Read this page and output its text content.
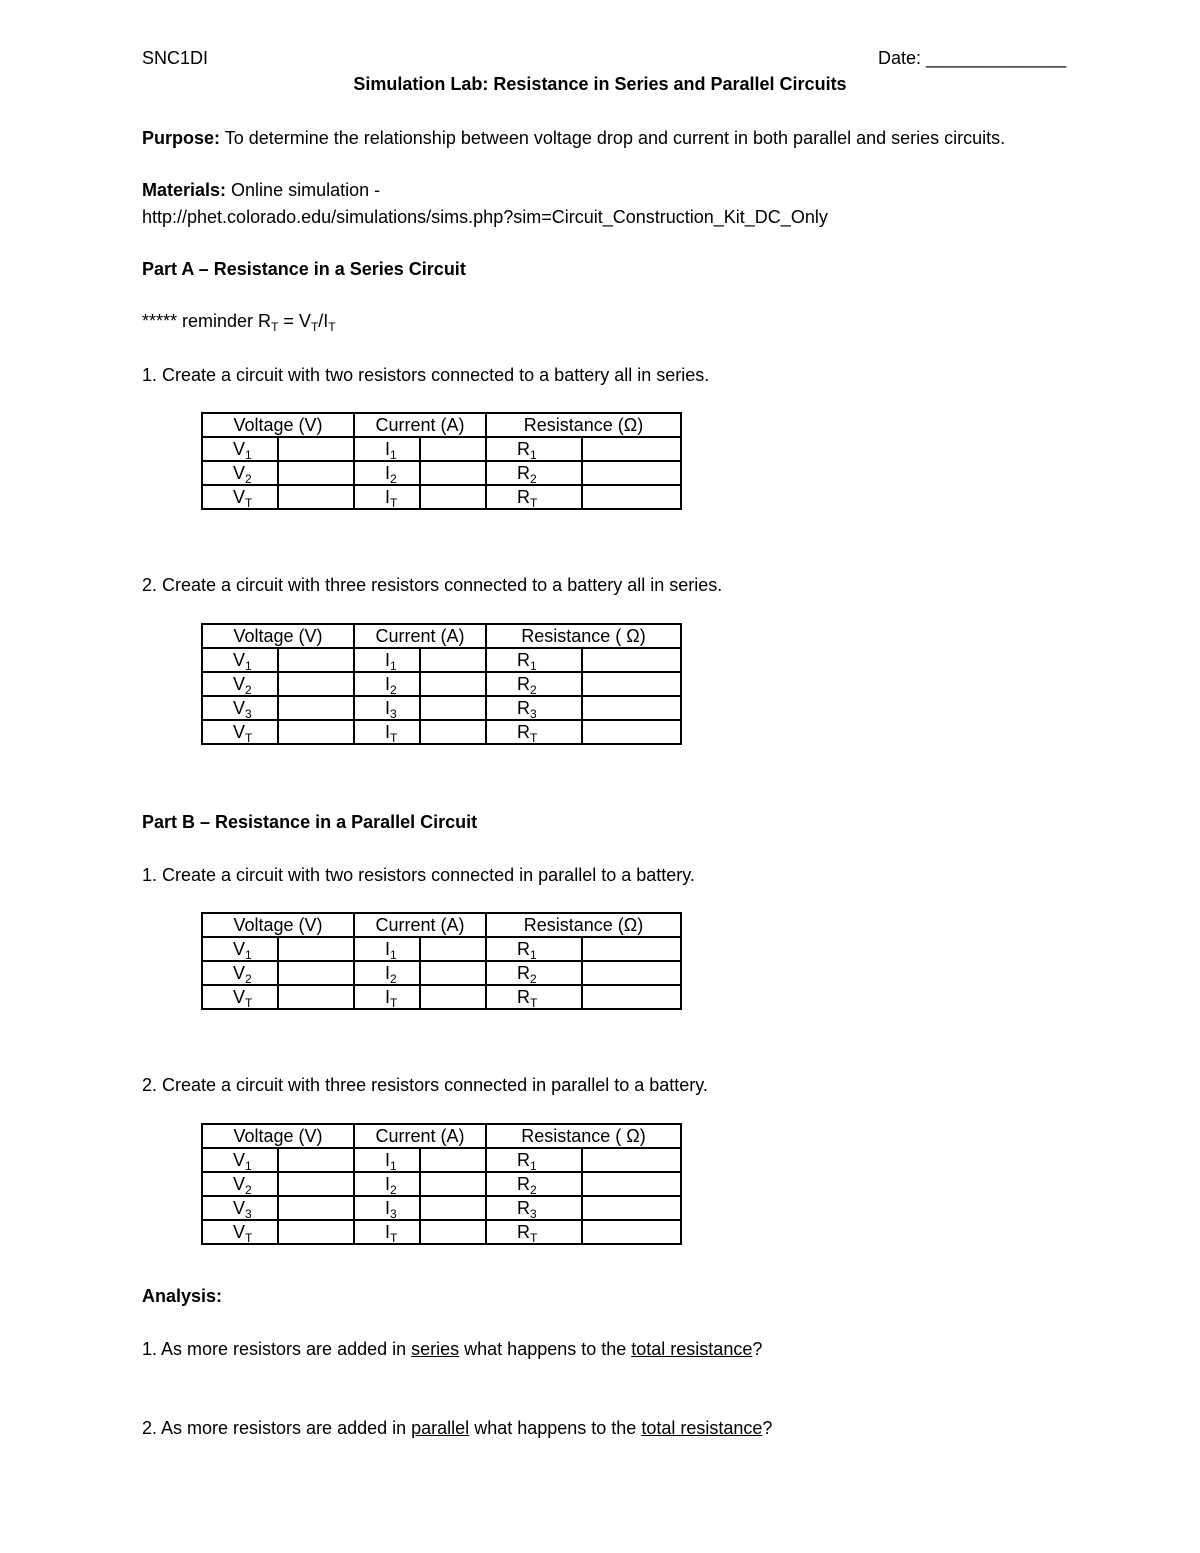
SNC1DI	Date: ______________
Simulation Lab: Resistance in Series and Parallel Circuits
Purpose: To determine the relationship between voltage drop and current in both parallel and series circuits.
Materials: Online simulation -
http://phet.colorado.edu/simulations/sims.php?sim=Circuit_Construction_Kit_DC_Only
Part A – Resistance in a Series Circuit
***** reminder $R_T = V_T/I_T$
1. Create a circuit with two resistors connected to a battery all in series.
Voltage (V)		Current (A)		Resistance (Ω)	
$V_1$		$I_1$		$R_1$	
$V_2$		$I_2$		$R_2$	
$V_T$		$I_T$		$R_T$	
2. Create a circuit with three resistors connected to a battery all in series.
Voltage (V)		Current (A)		Resistance ( Ω)	
$V_1$		$I_1$		$R_1$	
$V_2$		$I_2$		$R_2$	
$V_3$		$I_3$		$R_3$	
$V_T$		$I_T$		$R_T$	
Part B – Resistance in a Parallel Circuit
1. Create a circuit with two resistors connected in parallel to a battery.
Voltage (V)		Current (A)		Resistance (Ω)	
$V_1$		$I_1$		$R_1$	
$V_2$		$I_2$		$R_2$	
$V_T$		$I_T$		$R_T$	
2. Create a circuit with three resistors connected in parallel to a battery.
Voltage (V)		Current (A)		Resistance ( Ω)	
$V_1$		$I_1$		$R_1$	
$V_2$		$I_2$		$R_2$	
$V_3$		$I_3$		$R_3$	
$V_T$		$I_T$		$R_T$	
Analysis:
1. As more resistors are added in series what happens to the total resistance?
2. As more resistors are added in parallel what happens to the total resistance?
